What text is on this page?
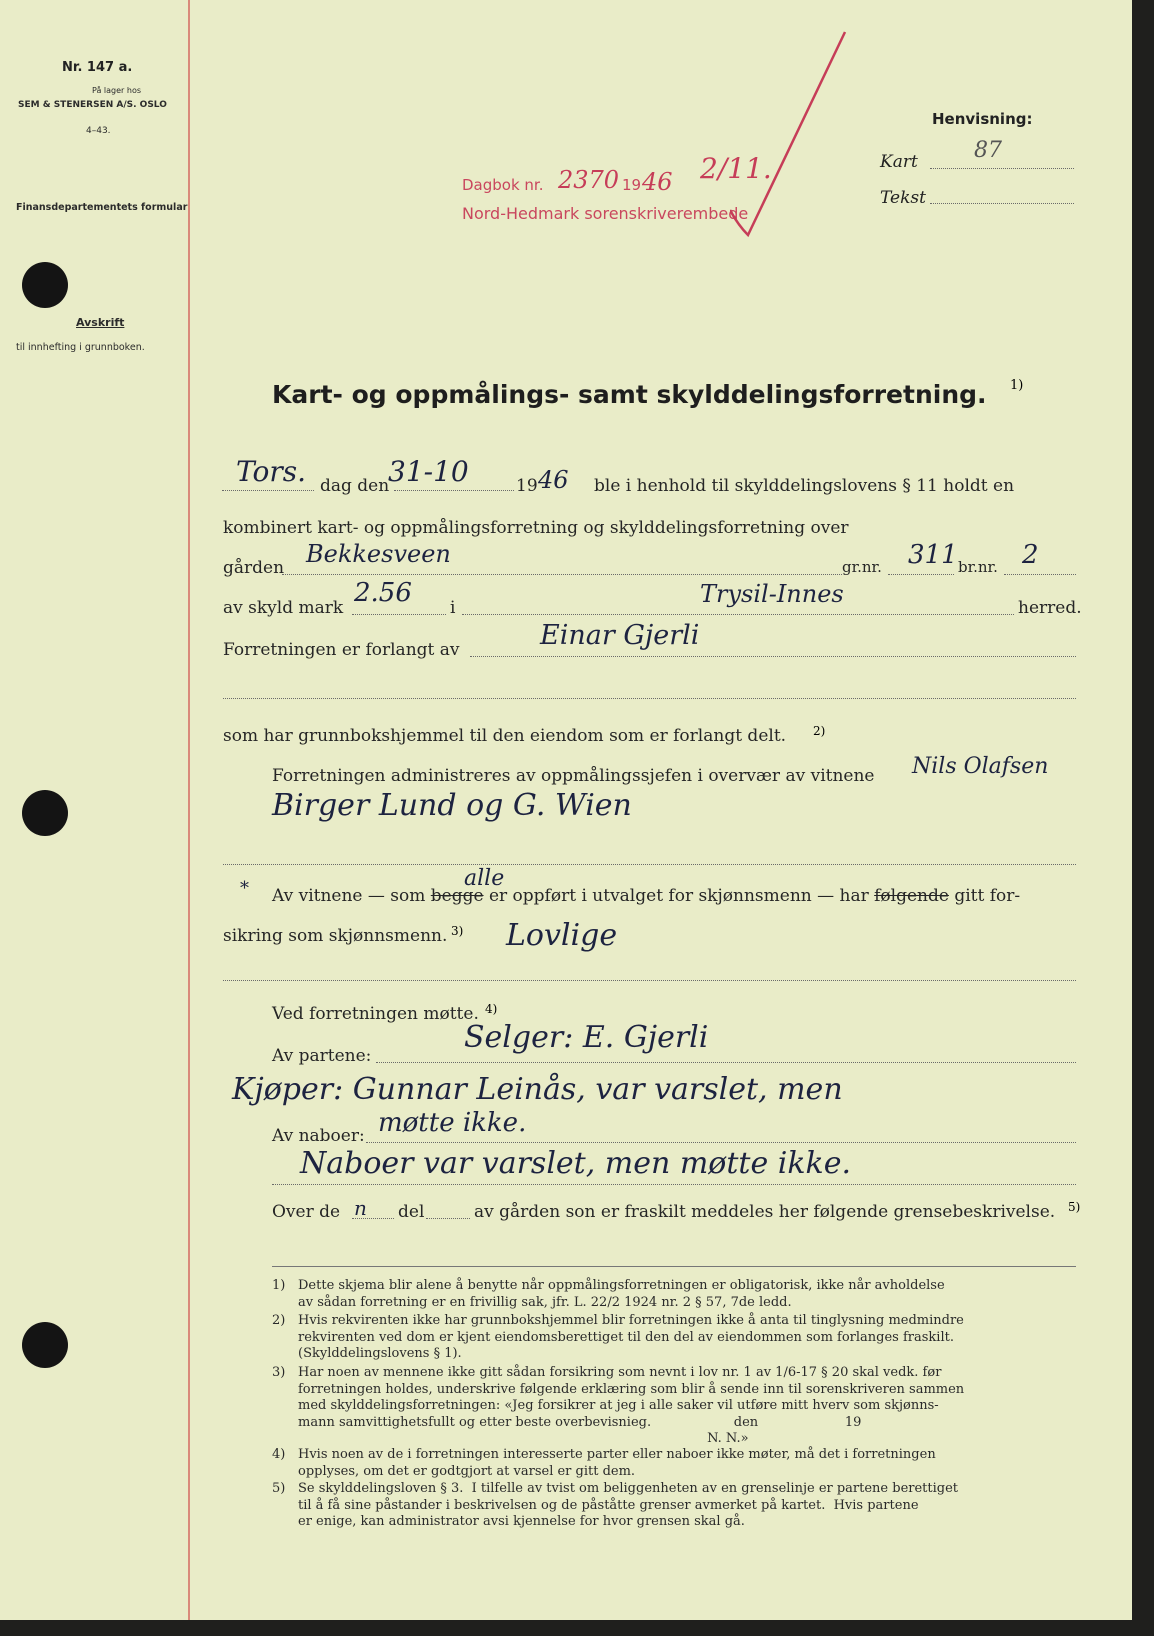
Nr. 147 a.
På lager hos
SEM & STENERSEN A/S. OSLO
4–43.
Finansdepartementets formular
Avskrift
til innhefting i grunnboken.
Dagbok nr. 2370 19 46 2/11.
Nord-Hedmark sorenskriverembede
Henvisning:
Kart	87
Tekst
Kart- og oppmålings- samt skylddelingsforretning. 1)
Tors. dag den
31-10	19 46 ble i henhold til skylddelingslovens § 11 holdt en
kombinert kart- og oppmålingsforretning og skylddelingsforretning over
gården Bekkesveen	gr.nr. 311 br.nr. 2
av skyld mark 2.56 i	Trysil-Innes	herred.
Forretningen er forlangt av	Einar Gjerli
som har grunnbokshjemmel til den eiendom som er forlangt delt. 2)
Forretningen administreres av oppmålingssjefen i overvær av vitnene Nils Olafsen
Birger Lund og G. Wien
*	alle
Av vitnene — som begge er oppført i utvalget for skjønnsmenn — har følgende gitt for-
sikring som skjønnsmenn. 3) Lovlige
Ved forretningen møtte. 4)
Av partene:
Selger: E. Gjerli
Kjøper: Gunnar Leinås, var varslet, men
møtte ikke.
Av naboer:
Naboer var varslet, men møtte ikke.
Over de n del	av gården son er fraskilt meddeles her følgende grensebeskrivelse. 5)
1) Dette skjema blir alene å benytte når oppmålingsforretningen er obligatorisk, ikke når avholdelse
av sådan forretning er en frivillig sak, jfr. L. 22/2 1924 nr. 2 § 57, 7de ledd.
2) Hvis rekvirenten ikke har grunnbokshjemmel blir forretningen ikke å anta til tinglysning medmindre
rekvirenten ved dom er kjent eiendomsberettiget til den del av eiendommen som forlanges fraskilt.
(Skylddelingslovens § 1).
3) Har noen av mennene ikke gitt sådan forsikring som nevnt i lov nr. 1 av 1/6-17 § 20 skal vedk. før
forretningen holdes, underskrive følgende erklæring som blir å sende inn til sorenskriveren sammen
med skylddelingsforretningen: «Jeg forsikrer at jeg i alle saker vil utføre mitt hverv som skjønns-
mann samvittighetsfullt og etter beste overbevisnieg.                    den                     19
N. N.»
4) Hvis noen av de i forretningen interesserte parter eller naboer ikke møter, må det i forretningen
opplyses, om det er godtgjort at varsel er gitt dem.
5) Se skylddelingsloven § 3.  I tilfelle av tvist om beliggenheten av en grenselinje er partene berettiget
til å få sine påstander i beskrivelsen og de påståtte grenser avmerket på kartet.  Hvis partene
er enige, kan administrator avsi kjennelse for hvor grensen skal gå.
